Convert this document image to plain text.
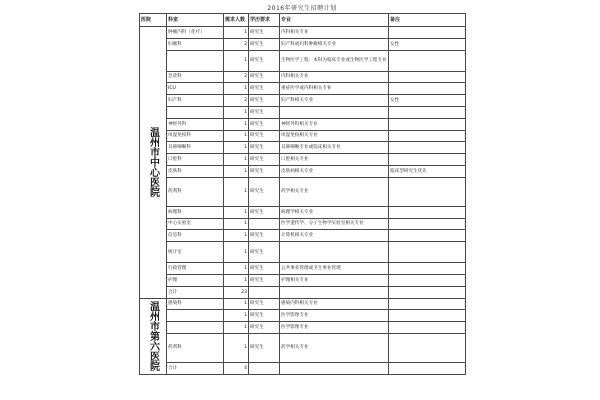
2016年研究生招聘计划
医院	科室	需求人数	学历要求	专业	备注
温州市中心医院	肿瘤内科（化疗）	1	研究生	内科相关专业	
	妇瘤科	2	研究生	妇产科或妇科肿瘤相关专业	女性
		1	研究生	生物医学工程：本科为临床专业或生物医学工程专业	
	急诊科	2	研究生	内科相关专业	
	ICU	1	研究生	重症医学或内科相关专业	
	妇产科	2	研究生	妇产科相关专业	女性
		1	研究生		
	神经外科	1	研究生	神经外科相关专业	
	风湿免疫科	1	研究生	风湿免疫相关专业	
	耳鼻咽喉科	1	研究生	耳鼻咽喉专业或临床相关专业	
	口腔科	1	研究生	口腔相关专业	
	皮肤科	1	研究生	皮肤病相关专业	临床型研究生优先
	药剂科	1	研究生	药学相关专业	
	病理科	1	研究生	病理学相关专业	
	中心实验室	1		医学遗传学、分子生物学实验室相关专业	
	信息科	1	研究生	计算机相关专业	
	统计室	1	研究生		
	行政管理	1	研究生	公共事业管理或卫生事业管理	
	护理	1	研究生	护理相关专业	
	合计	23			
温州市第六医院	感染科	1	研究生	感染内科相关专业	
		1	研究生	医学影像专业	
		1	研究生	医学影像专业	
	药剂科	1	研究生	药学相关专业	
	合计	4			
